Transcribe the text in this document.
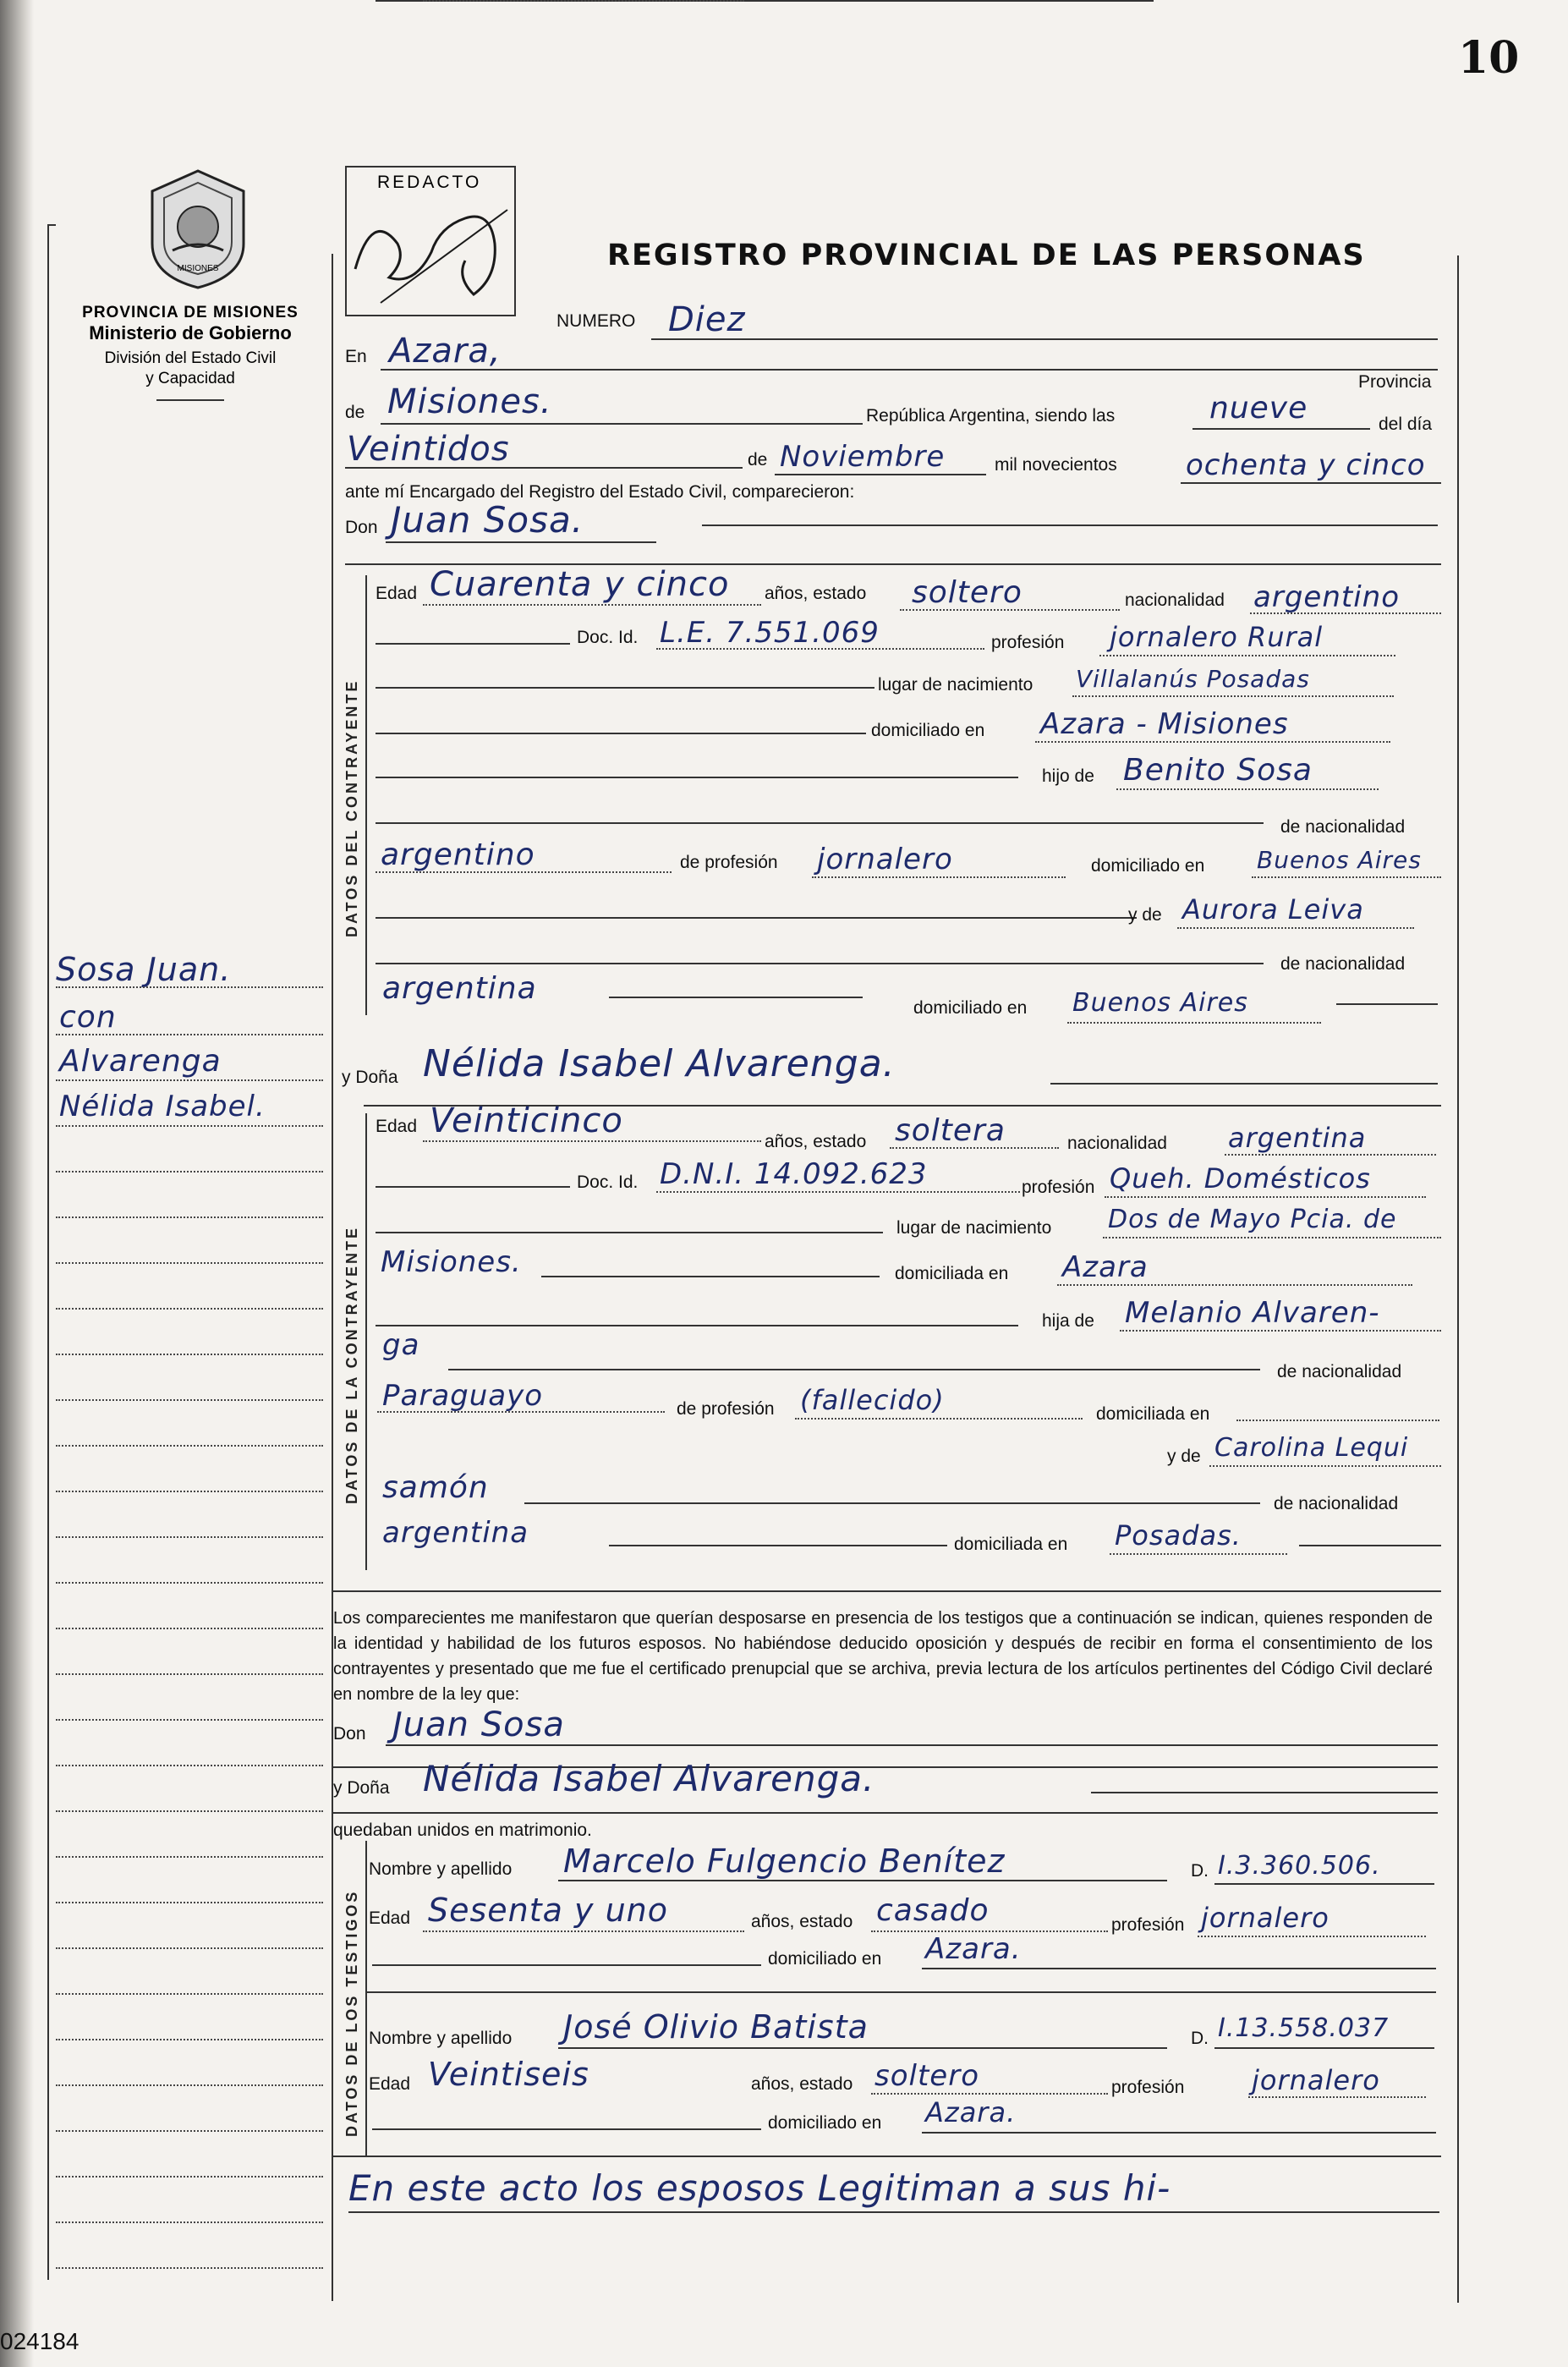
10
MISIONES
PROVINCIA DE MISIONES
Ministerio de Gobierno
División del Estado Civil
y Capacidad
REDACTO
REGISTRO PROVINCIAL DE LAS PERSONAS
NUMERO Diez
En Azara,
Provincia
de Misiones.	República Argentina, siendo las	nueve	del día
Veintidos	de Noviembre	mil novecientos ochenta y cinco
ante mí Encargado del Registro del Estado Civil, comparecieron:
Don Juan Sosa.
DATOS DEL CONTRAYENTE
Edad Cuarenta y cinco años, estado soltero	nacionalidad argentino
Doc. Id. L.E. 7.551.069	profesión jornalero Rural
lugar de nacimiento Villalanús Posadas
domiciliado en Azara - Misiones
hijo de Benito Sosa
de nacionalidad
argentino	de profesión jornalero	domiciliado en Buenos Aires
y de Aurora Leiva
de nacionalidad
argentina
domiciliado en Buenos Aires
y Doña Nélida Isabel Alvarenga.
DATOS DE LA CONTRAYENTE
Edad Veinticinco
años, estado soltera	nacionalidad argentina
Doc. Id. D.N.I. 14.092.623	profesión Queh. Domésticos
lugar de nacimiento Dos de Mayo Pcia. de
Misiones.	domiciliada en Azara
hija de Melanio Alvaren-
ga
de nacionalidad
Paraguayo	de profesión (fallecido)	domiciliada en
y de Carolina Lequi
samón	de nacionalidad
argentina	domiciliada en Posadas.
Los comparecientes me manifestaron que querían desposarse en presencia de los testigos que a continuación se indican, quienes responden de la identidad y habilidad de los futuros esposos. No habiéndose deducido oposición y después de recibir en forma el consentimiento de los contrayentes y presentado que me fue el certificado prenupcial que se archiva, previa lectura de los artículos pertinentes del Código Civil declaré en nombre de la ley que:
Don Juan Sosa
y Doña Nélida Isabel Alvarenga.
quedaban unidos en matrimonio.
DATOS DE LOS TESTIGOS
Nombre y apellido Marcelo Fulgencio Benítez	D. I.3.360.506.
Edad Sesenta y uno	años, estado casado	profesión jornalero
domiciliado en Azara.
Nombre y apellido José Olivio Batista	D. I.13.558.037
Edad Veintiseis	años, estado soltero	profesión jornalero
domiciliado en Azara.
En este acto los esposos Legitiman a sus hi-
Sosa Juan.
con
Alvarenga
Nélida Isabel.
024184
